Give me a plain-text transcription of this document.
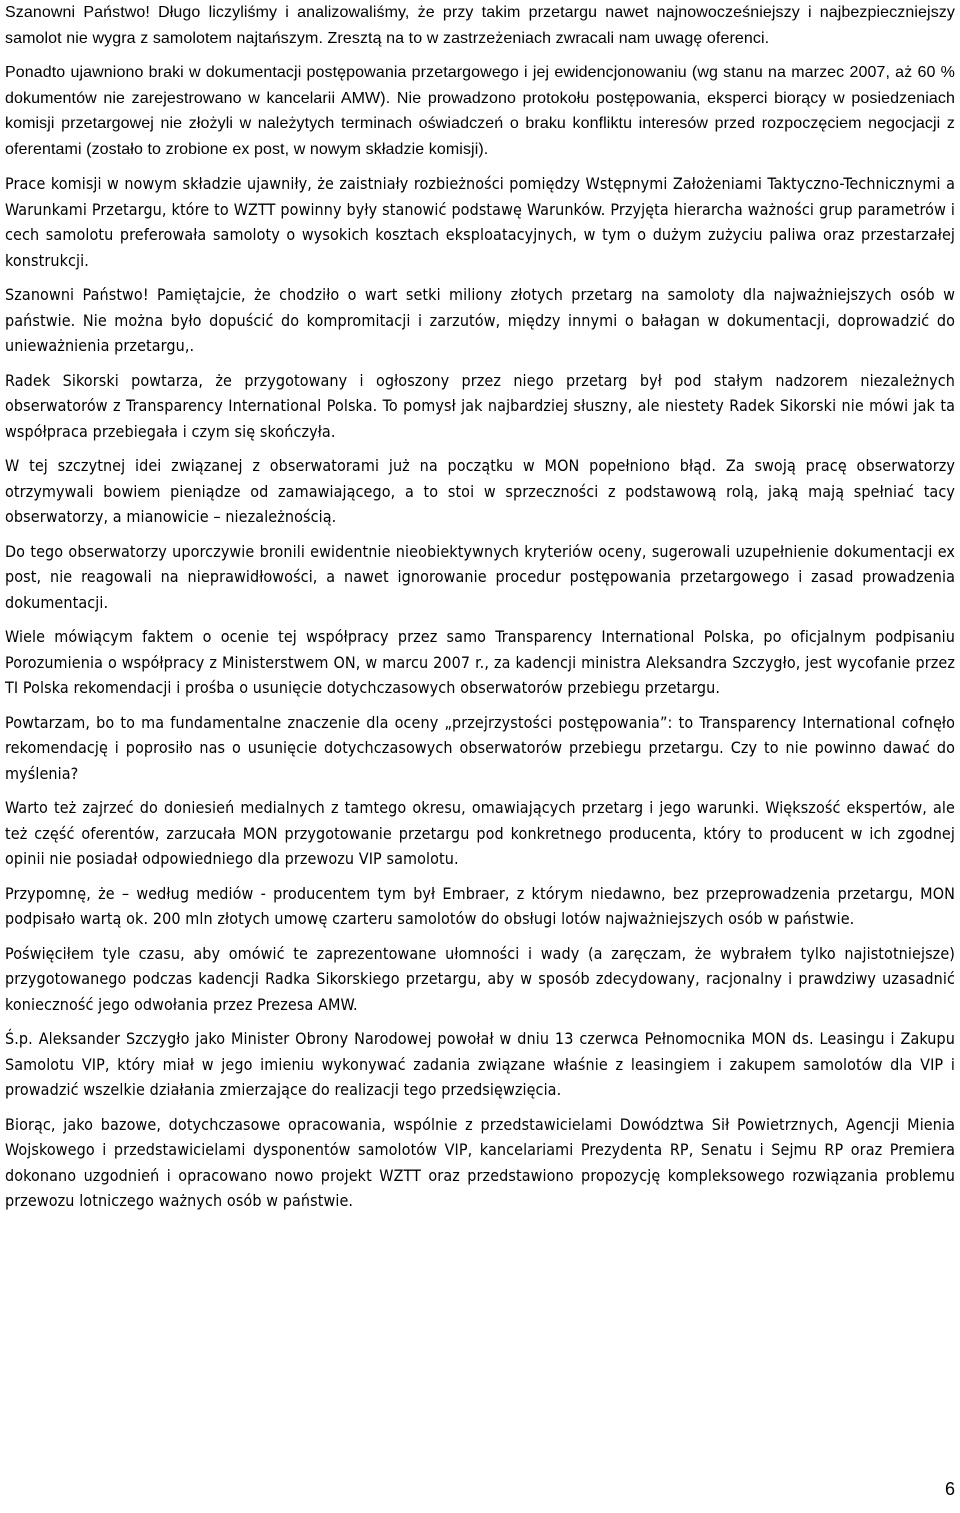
Szanowni Państwo! Długo liczyliśmy i analizowaliśmy, że przy takim przetargu nawet najnowocześniejszy i najbezpieczniejszy samolot nie wygra z samolotem najtańszym. Zresztą na to w zastrzeżeniach zwracali nam uwagę oferenci.

Ponadto ujawniono braki w dokumentacji postępowania przetargowego i jej ewidencjonowaniu (wg stanu na marzec 2007, aż 60 % dokumentów nie zarejestrowano w kancelarii AMW). Nie prowadzono protokołu postępowania, eksperci biorący w posiedzeniach komisji przetargowej nie złożyli w należytych terminach oświadczeń o braku konfliktu interesów przed rozpoczęciem negocjacji z oferentami (zostało to zrobione ex post, w nowym składzie komisji).

Prace komisji w nowym składzie ujawniły, że zaistniały rozbieżności pomiędzy Wstępnymi Założeniami Taktyczno-Technicznymi a Warunkami Przetargu, które to WZTT powinny były stanowić podstawę Warunków. Przyjęta hierarcha ważności grup parametrów i cech samolotu preferowała samoloty o wysokich kosztach eksploatacyjnych, w tym o dużym zużyciu paliwa oraz przestarzałej konstrukcji.

Szanowni Państwo! Pamiętajcie, że chodziło o wart setki miliony złotych przetarg na samoloty dla najważniejszych osób w państwie. Nie można było dopuścić do kompromitacji i zarzutów, między innymi o bałagan w dokumentacji, doprowadzić do unieważnienia przetargu,.

Radek Sikorski powtarza, że przygotowany i ogłoszony przez niego przetarg był pod stałym nadzorem niezależnych obserwatorów z Transparency International Polska. To pomysł jak najbardziej słuszny, ale niestety Radek Sikorski nie mówi jak ta współpraca przebiegała i czym się skończyła.

W tej szczytnej idei związanej z obserwatorami już na początku w MON popełniono błąd. Za swoją pracę obserwatorzy otrzymywali bowiem pieniądze od zamawiającego, a to stoi w sprzeczności z podstawową rolą, jaką mają spełniać tacy obserwatorzy, a mianowicie – niezależnością.

Do tego obserwatorzy uporczywie bronili ewidentnie nieobiektywnych kryteriów oceny, sugerowali uzupełnienie dokumentacji ex post, nie reagowali na nieprawidłowości, a nawet ignorowanie procedur postępowania przetargowego i zasad prowadzenia dokumentacji.

Wiele mówiącym faktem o ocenie tej współpracy przez samo Transparency International Polska, po oficjalnym podpisaniu Porozumienia o współpracy z Ministerstwem ON, w marcu 2007 r., za kadencji ministra Aleksandra Szczygło, jest wycofanie przez TI Polska rekomendacji i prośba o usunięcie dotychczasowych obserwatorów przebiegu przetargu.

Powtarzam, bo to ma fundamentalne znaczenie dla oceny „przejrzystości postępowania”: to Transparency International cofnęło rekomendację i poprosiło nas o usunięcie dotychczasowych obserwatorów przebiegu przetargu. Czy to nie powinno dawać do myślenia?

Warto też zajrzeć do doniesień medialnych z tamtego okresu, omawiających przetarg i jego warunki. Większość ekspertów, ale też część oferentów, zarzucała MON przygotowanie przetargu pod konkretnego producenta, który to producent w ich zgodnej opinii nie posiadał odpowiedniego dla przewozu VIP samolotu.

Przypomnę, że – według mediów - producentem tym był Embraer, z którym niedawno, bez przeprowadzenia przetargu, MON podpisało wartą ok. 200 mln złotych umowę czarteru samolotów do obsługi lotów najważniejszych osób w państwie.

Poświęciłem tyle czasu, aby omówić te zaprezentowane ułomności i wady (a zaręczam, że wybrałem tylko najistotniejsze) przygotowanego podczas kadencji Radka Sikorskiego przetargu, aby w sposób zdecydowany, racjonalny i prawdziwy uzasadnić konieczność jego odwołania przez Prezesa AMW.

Ś.p. Aleksander Szczygło jako Minister Obrony Narodowej powołał w dniu 13 czerwca Pełnomocnika MON ds. Leasingu i Zakupu Samolotu VIP, który miał w jego imieniu wykonywać zadania związane właśnie z leasingiem i zakupem samolotów dla VIP i prowadzić wszelkie działania zmierzające do realizacji tego przedsięwzięcia.

Biorąc, jako bazowe, dotychczasowe opracowania, wspólnie z przedstawicielami Dowództwa Sił Powietrznych, Agencji Mienia Wojskowego i przedstawicielami dysponentów samolotów VIP, kancelariami Prezydenta RP, Senatu i Sejmu RP oraz Premiera dokonano uzgodnień i opracowano nowo projekt WZTT oraz przedstawiono propozycję kompleksowego rozwiązania problemu przewozu lotniczego ważnych osób w państwie.

6
